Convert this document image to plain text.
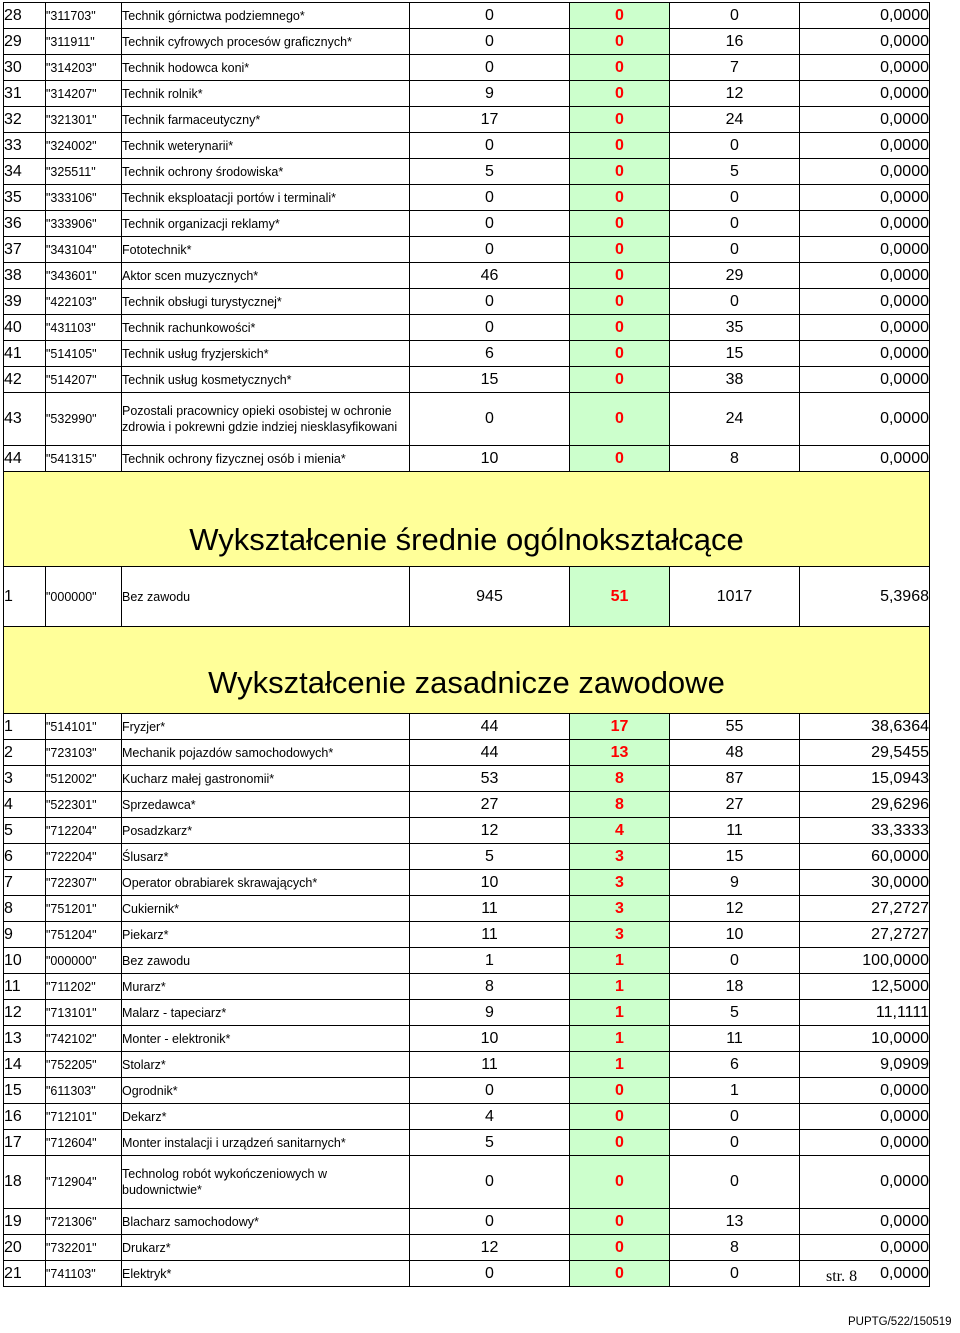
28	"311703"	Technik górnictwa podziemnego*	0	0	0	0,0000
29	"311911"	Technik cyfrowych procesów graficznych*	0	0	16	0,0000
30	"314203"	Technik hodowca koni*	0	0	7	0,0000
31	"314207"	Technik rolnik*	9	0	12	0,0000
32	"321301"	Technik farmaceutyczny*	17	0	24	0,0000
33	"324002"	Technik weterynarii*	0	0	0	0,0000
34	"325511"	Technik ochrony środowiska*	5	0	5	0,0000
35	"333106"	Technik eksploatacji portów i terminali*	0	0	0	0,0000
36	"333906"	Technik organizacji reklamy*	0	0	0	0,0000
37	"343104"	Fototechnik*	0	0	0	0,0000
38	"343601"	Aktor scen muzycznych*	46	0	29	0,0000
39	"422103"	Technik obsługi turystycznej*	0	0	0	0,0000
40	"431103"	Technik rachunkowości*	0	0	35	0,0000
41	"514105"	Technik usług fryzjerskich*	6	0	15	0,0000
42	"514207"	Technik usług kosmetycznych*	15	0	38	0,0000
43	"532990"	Pozostali pracownicy opieki osobistej w ochronie zdrowia i pokrewni gdzie indziej niesklasyfikowani	0	0	24	0,0000
44	"541315"	Technik ochrony fizycznej osób i mienia*	10	0	8	0,0000
Wykształcenie średnie ogólnokształcące						
1	"000000"	Bez zawodu	945	51	1017	5,3968
Wykształcenie zasadnicze zawodowe						
1	"514101"	Fryzjer*	44	17	55	38,6364
2	"723103"	Mechanik pojazdów samochodowych*	44	13	48	29,5455
3	"512002"	Kucharz małej gastronomii*	53	8	87	15,0943
4	"522301"	Sprzedawca*	27	8	27	29,6296
5	"712204"	Posadzkarz*	12	4	11	33,3333
6	"722204"	Ślusarz*	5	3	15	60,0000
7	"722307"	Operator obrabiarek skrawających*	10	3	9	30,0000
8	"751201"	Cukiernik*	11	3	12	27,2727
9	"751204"	Piekarz*	11	3	10	27,2727
10	"000000"	Bez zawodu	1	1	0	100,0000
11	"711202"	Murarz*	8	1	18	12,5000
12	"713101"	Malarz - tapeciarz*	9	1	5	11,1111
13	"742102"	Monter - elektronik*	10	1	11	10,0000
14	"752205"	Stolarz*	11	1	6	9,0909
15	"611303"	Ogrodnik*	0	0	1	0,0000
16	"712101"	Dekarz*	4	0	0	0,0000
17	"712604"	Monter instalacji i urządzeń sanitarnych*	5	0	0	0,0000
18	"712904"	Technolog robót wykończeniowych w budownictwie*	0	0	0	0,0000
19	"721306"	Blacharz samochodowy*	0	0	13	0,0000
20	"732201"	Drukarz*	12	0	8	0,0000
21	"741103"	Elektryk*	0	0	0	0,0000
str. 8
PUPTG/522/150519
